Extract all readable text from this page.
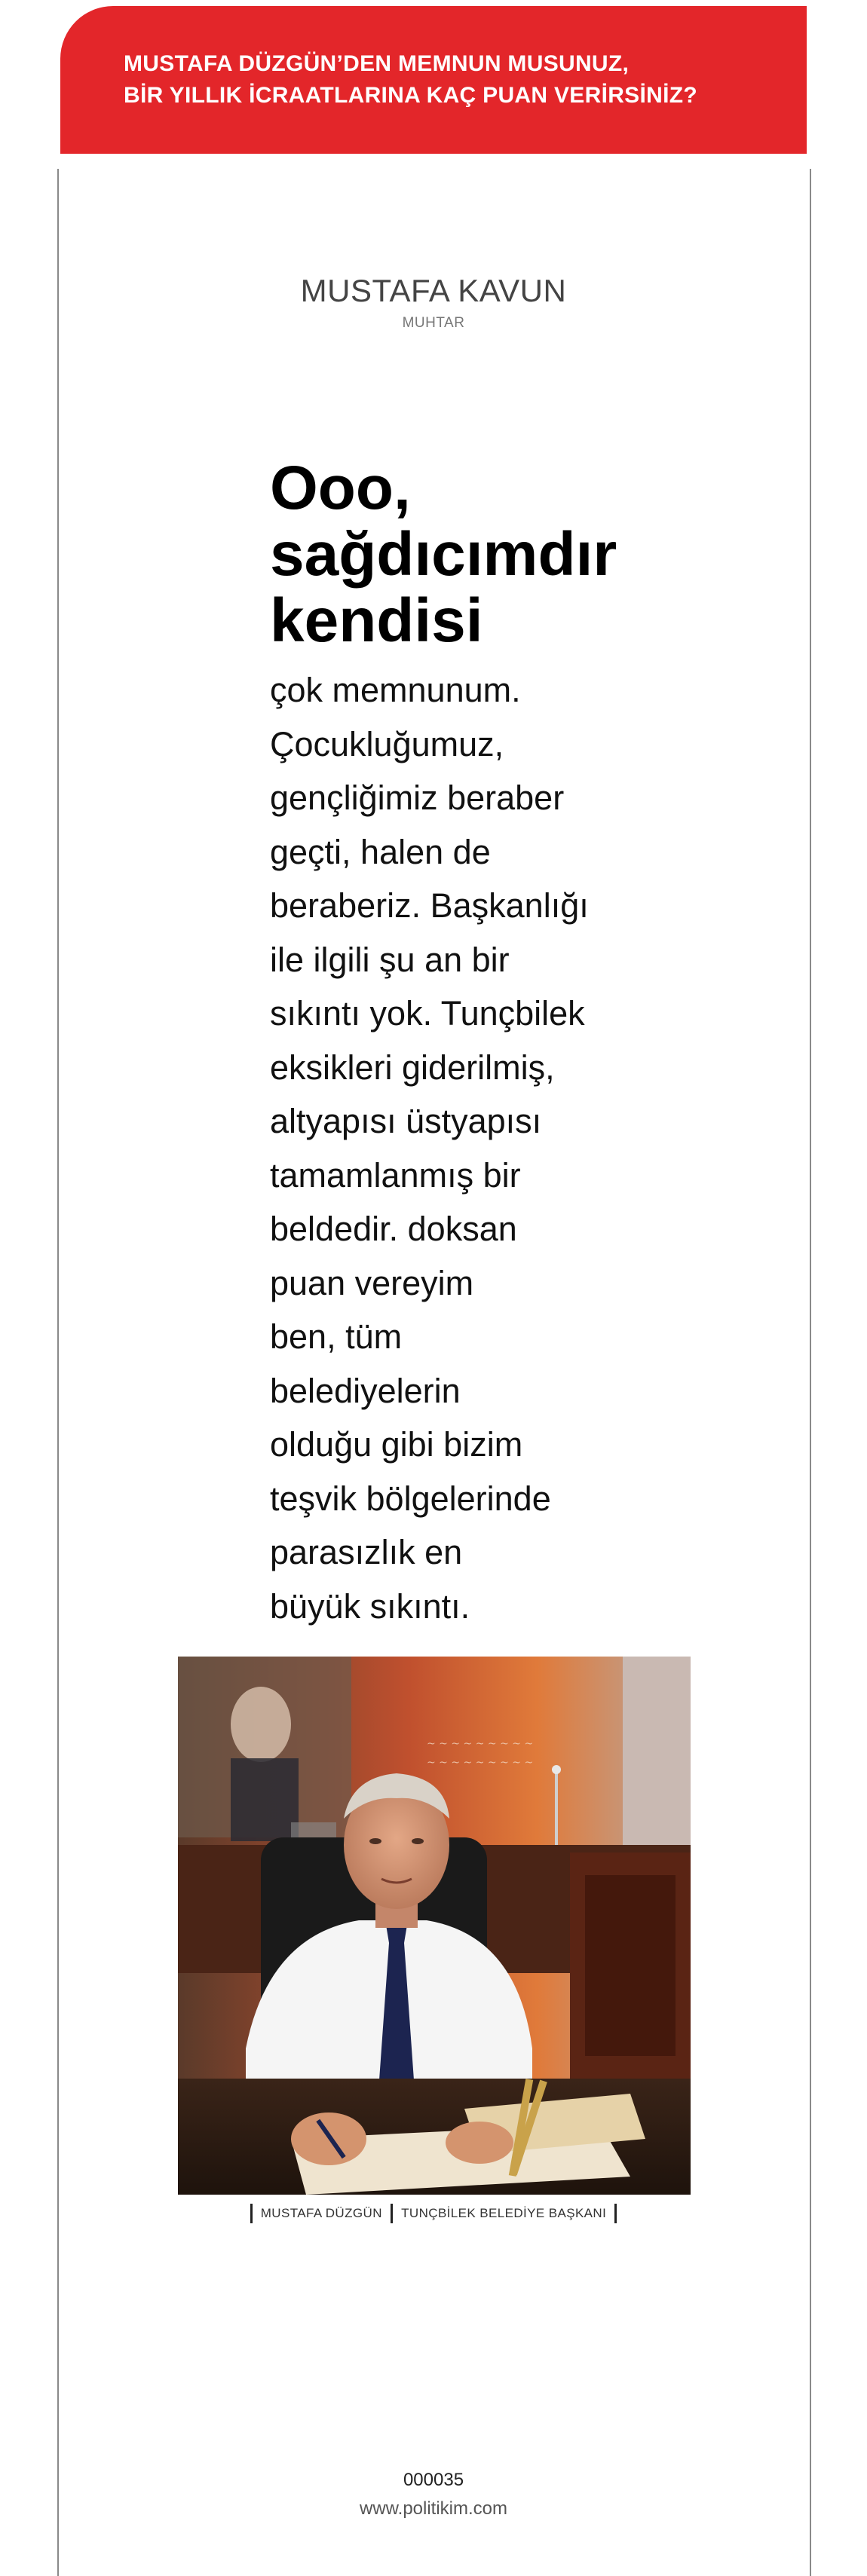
MUSTAFA DÜZGÜN’DEN MEMNUN MUSUNUZ,
BİR YILLIK İCRAATLARINA KAÇ PUAN VERİRSİNİZ?
MUSTAFA KAVUN
MUHTAR
Ooo,
sağdıcımdır
kendisi
çok memnunum.
Çocukluğumuz,
gençliğimiz beraber
geçti, halen de
beraberiz. Başkanlığı
ile ilgili şu an bir
sıkıntı yok. Tunçbilek
eksikleri giderilmiş,
altyapısı üstyapısı
tamamlanmış bir
beldedir. doksan
puan vereyim
ben, tüm
belediyelerin
olduğu gibi bizim
teşvik bölgelerinde
parasızlık en
büyük sıkıntı.
~ ~ ~ ~ ~ ~ ~ ~ ~
~ ~ ~ ~ ~ ~ ~ ~ ~
MUSTAFA DÜZGÜN TUNÇBİLEK BELEDİYE BAŞKANI
000035
www.politikim.com
